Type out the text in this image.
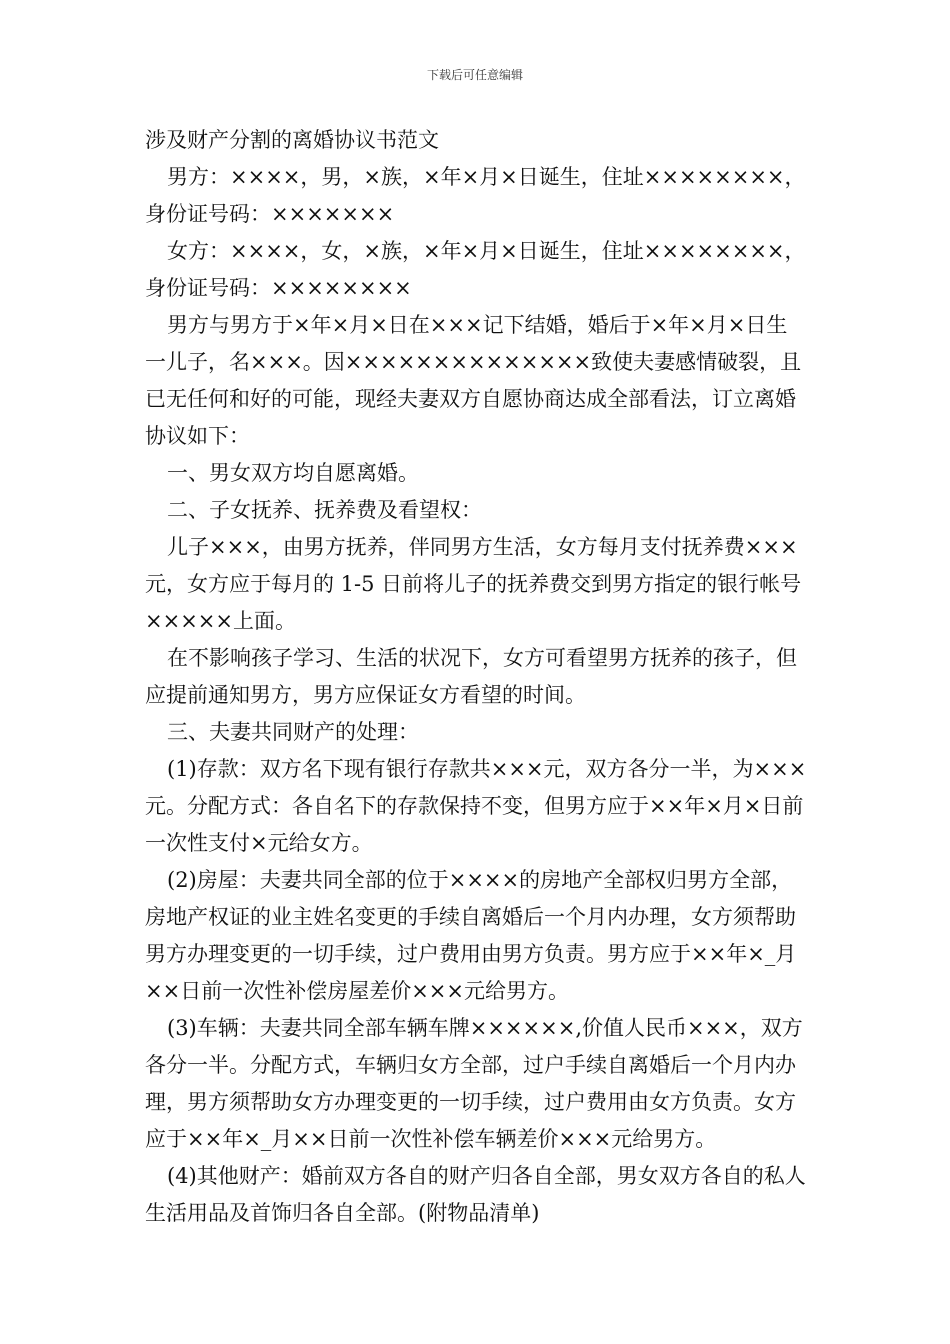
下载后可任意编辑

涉及财产分割的离婚协议书范文

男方：××××，男，×族，×年×月×日诞生，住址××××××××，身份证号码：×××××××

女方：××××，女，×族，×年×月×日诞生，住址××××××××，身份证号码：××××××××

男方与男方于×年×月×日在×××记下结婚，婚后于×年×月×日生一儿子，名×××。因××××××××××××××致使夫妻感情破裂，且已无任何和好的可能，现经夫妻双方自愿协商达成全部看法，订立离婚协议如下：

一、男女双方均自愿离婚。

二、子女抚养、抚养费及看望权：

儿子×××，由男方抚养，伴同男方生活，女方每月支付抚养费×××元，女方应于每月的 1-5 日前将儿子的抚养费交到男方指定的银行帐号×××××上面。

在不影响孩子学习、生活的状况下，女方可看望男方抚养的孩子，但应提前通知男方，男方应保证女方看望的时间。

三、夫妻共同财产的处理：

(1)存款：双方名下现有银行存款共×××元，双方各分一半，为×××元。分配方式：各自名下的存款保持不变，但男方应于××年×月×日前一次性支付×元给女方。

(2)房屋：夫妻共同全部的位于××××的房地产全部权归男方全部，房地产权证的业主姓名变更的手续自离婚后一个月内办理，女方须帮助男方办理变更的一切手续，过户费用由男方负责。男方应于××年×_月××日前一次性补偿房屋差价×××元给男方。

(3)车辆：夫妻共同全部车辆车牌××××××,价值人民币×××，双方各分一半。分配方式，车辆归女方全部，过户手续自离婚后一个月内办理，男方须帮助女方办理变更的一切手续，过户费用由女方负责。女方应于××年×_月××日前一次性补偿车辆差价×××元给男方。

(4)其他财产：婚前双方各自的财产归各自全部，男女双方各自的私人生活用品及首饰归各自全部。(附物品清单)
